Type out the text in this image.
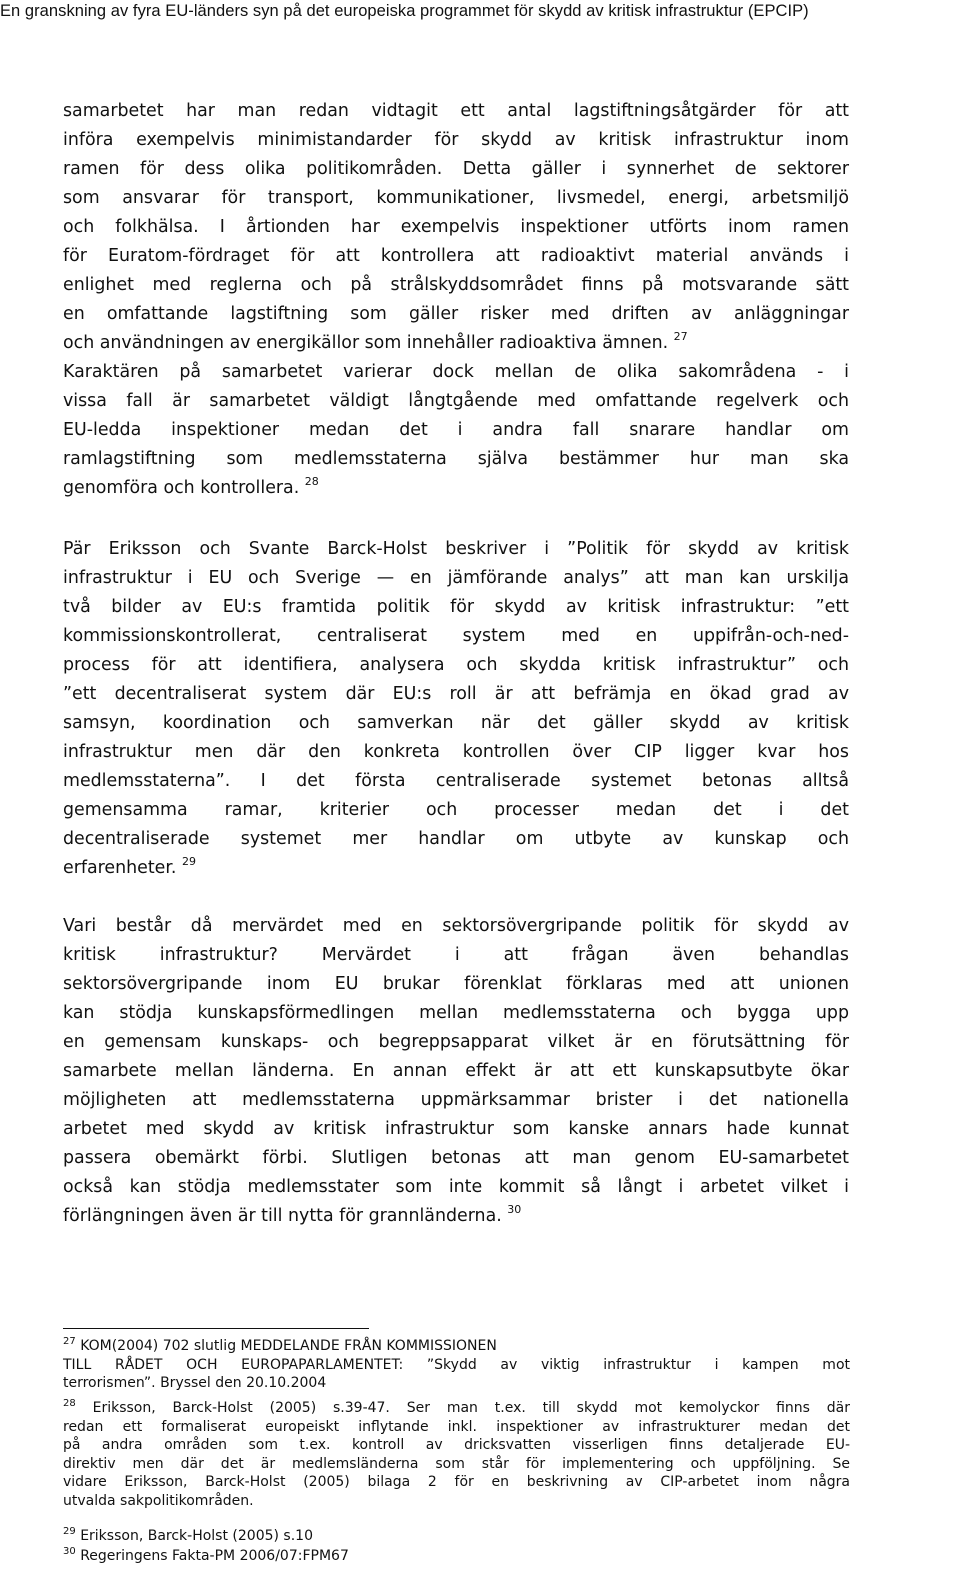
En granskning av fyra EU-länders syn på det europeiska programmet för skydd av kritisk infrastruktur (EPCIP)
samarbetet har man redan vidtagit ett antal lagstiftningsåtgärder för att
införa exempelvis minimistandarder för skydd av kritisk infrastruktur inom
ramen för dess olika politikområden. Detta gäller i synnerhet de sektorer
som ansvarar för transport, kommunikationer, livsmedel, energi, arbetsmiljö
och folkhälsa. I årtionden har exempelvis inspektioner utförts inom ramen
för Euratom-fördraget för att kontrollera att radioaktivt material används i
enlighet med reglerna och på strålskyddsområdet finns på motsvarande sätt
en omfattande lagstiftning som gäller risker med driften av anläggningar
och användningen av energikällor som innehåller radioaktiva ämnen. $^{27}$
Karaktären på samarbetet varierar dock mellan de olika sakområdena - i
vissa fall är samarbetet väldigt långtgående med omfattande regelverk och
EU-ledda inspektioner medan det i andra fall snarare handlar om
ramlagstiftning som medlemsstaterna själva bestämmer hur man ska
genomföra och kontrollera. $^{28}$
Pär Eriksson och Svante Barck-Holst beskriver i ”Politik för skydd av kritisk
infrastruktur i EU och Sverige — en jämförande analys” att man kan urskilja
två bilder av EU:s framtida politik för skydd av kritisk infrastruktur: ”ett
kommissionskontrollerat, centraliserat system med en uppifrån-och-ned-
process för att identifiera, analysera och skydda kritisk infrastruktur” och
”ett decentraliserat system där EU:s roll är att befrämja en ökad grad av
samsyn, koordination och samverkan när det gäller skydd av kritisk
infrastruktur men där den konkreta kontrollen över CIP ligger kvar hos
medlemsstaterna”. I det första centraliserade systemet betonas alltså
gemensamma ramar, kriterier och processer medan det i det
decentraliserade systemet mer handlar om utbyte av kunskap och
erfarenheter. $^{29}$
Vari består då mervärdet med en sektorsövergripande politik för skydd av
kritisk infrastruktur? Mervärdet i att frågan även behandlas
sektorsövergripande inom EU brukar förenklat förklaras med att unionen
kan stödja kunskapsförmedlingen mellan medlemsstaterna och bygga upp
en gemensam kunskaps- och begreppsapparat vilket är en förutsättning för
samarbete mellan länderna. En annan effekt är att ett kunskapsutbyte ökar
möjligheten att medlemsstaterna uppmärksammar brister i det nationella
arbetet med skydd av kritisk infrastruktur som kanske annars hade kunnat
passera obemärkt förbi. Slutligen betonas att man genom EU-samarbetet
också kan stödja medlemsstater som inte kommit så långt i arbetet vilket i
förlängningen även är till nytta för grannländerna. $^{30}$
$^{27}$ KOM(2004) 702 slutlig MEDDELANDE FRÅN KOMMISSIONEN
TILL RÅDET OCH EUROPAPARLAMENTET: ”Skydd av viktig infrastruktur i kampen mot
terrorismen”. Bryssel den 20.10.2004
$^{28}$ Eriksson, Barck-Holst (2005) s.39-47. Ser man t.ex. till skydd mot kemolyckor finns där
redan ett formaliserat europeiskt inflytande inkl. inspektioner av infrastrukturer medan det
på andra områden som t.ex. kontroll av dricksvatten visserligen finns detaljerade EU-
direktiv men där det är medlemsländerna som står för implementering och uppföljning. Se
vidare Eriksson, Barck-Holst (2005) bilaga 2 för en beskrivning av CIP-arbetet inom några
utvalda sakpolitikområden.
$^{29}$ Eriksson, Barck-Holst (2005) s.10
$^{30}$ Regeringens Fakta-PM 2006/07:FPM67
